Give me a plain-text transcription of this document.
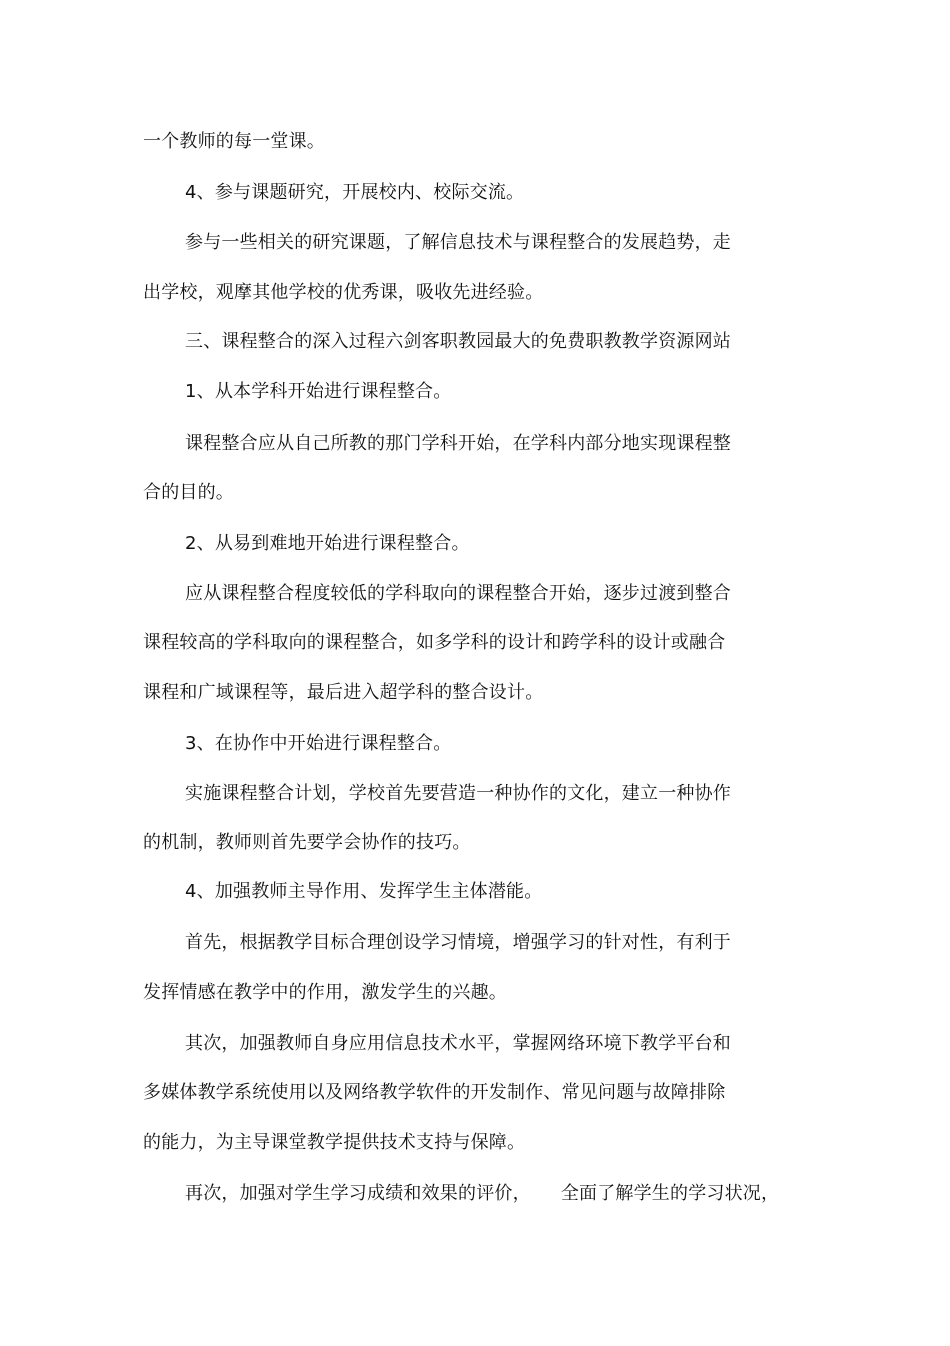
一个教师的每一堂课。
4、参与课题研究，开展校内、校际交流。
参与一些相关的研究课题，了解信息技术与课程整合的发展趋势，走
出学校，观摩其他学校的优秀课，吸收先进经验。
三、课程整合的深入过程六剑客职教园最大的免费职教教学资源网站
1、从本学科开始进行课程整合。
课程整合应从自己所教的那门学科开始，在学科内部分地实现课程整
合的目的。
2、从易到难地开始进行课程整合。
应从课程整合程度较低的学科取向的课程整合开始，逐步过渡到整合
课程较高的学科取向的课程整合，如多学科的设计和跨学科的设计或融合
课程和广域课程等，最后进入超学科的整合设计。
3、在协作中开始进行课程整合。
实施课程整合计划，学校首先要营造一种协作的文化，建立一种协作
的机制，教师则首先要学会协作的技巧。
4、加强教师主导作用、发挥学生主体潜能。
首先，根据教学目标合理创设学习情境，增强学习的针对性，有利于
发挥情感在教学中的作用，激发学生的兴趣。
其次，加强教师自身应用信息技术水平，掌握网络环境下教学平台和
多媒体教学系统使用以及网络教学软件的开发制作、常见问题与故障排除
的能力，为主导课堂教学提供技术支持与保障。
再次，加强对学生学习成绩和效果的评价， 全面了解学生的学习状况，
